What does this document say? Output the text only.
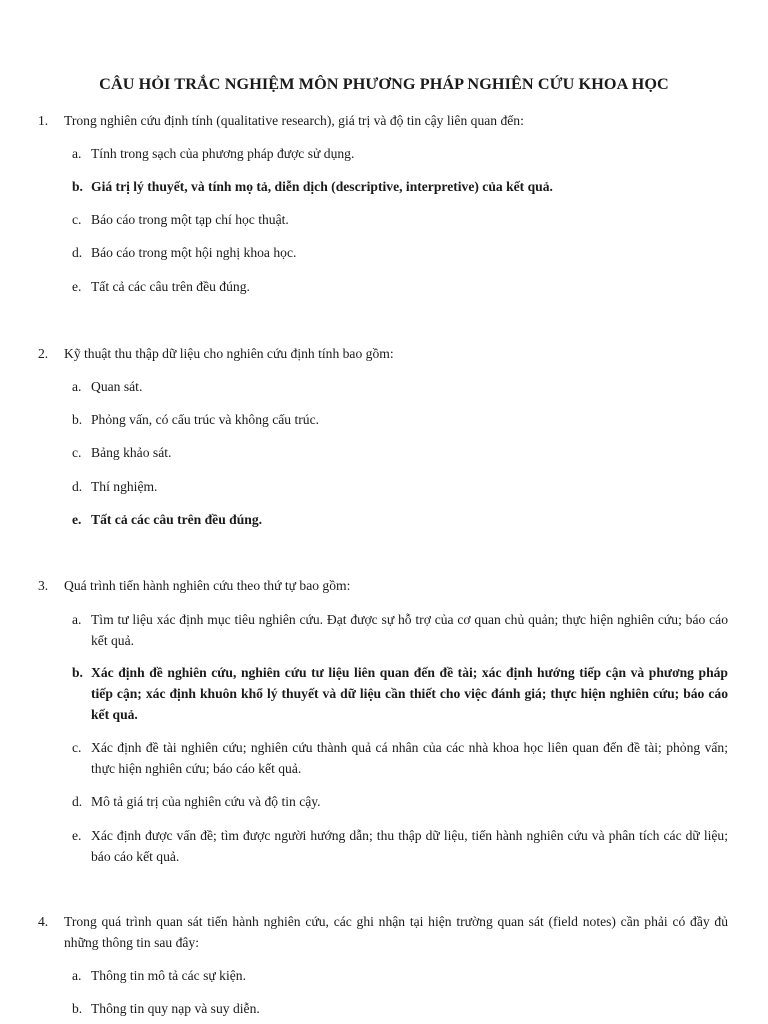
CÂU HỎI TRẮC NGHIỆM MÔN PHƯƠNG PHÁP NGHIÊN CỨU KHOA HỌC
1.	Trong nghiên cứu định tính (qualitative research), giá trị và độ tin cậy liên quan đến:
a. Tính trong sạch của phương pháp được sử dụng.
b. Giá trị lý thuyết, và tính mọ tả, diễn dịch (descriptive, interpretive) của kết quả.
c. Báo cáo trong một tạp chí học thuật.
d. Báo cáo trong một hội nghị khoa học.
e. Tất cả các câu trên đều đúng.
2.	Kỹ thuật thu thập dữ liệu cho nghiên cứu định tính bao gồm:
a. Quan sát.
b. Phỏng vấn, có cấu trúc và không cấu trúc.
c. Bảng khảo sát.
d. Thí nghiệm.
e. Tất cả các câu trên đều đúng.
3.	Quá trình tiến hành nghiên cứu theo thứ tự bao gồm:
a. Tìm tư liệu xác định mục tiêu nghiên cứu. Đạt được sự hỗ trợ của cơ quan chủ quản; thực hiện nghiên cứu; báo cáo kết quả.
b. Xác định đề nghiên cứu, nghiên cứu tư liệu liên quan đến đề tài; xác định hướng tiếp cận và phương pháp tiếp cận; xác định khuôn khổ lý thuyết và dữ liệu cần thiết cho việc đánh giá; thực hiện nghiên cứu; báo cáo kết quả.
c. Xác định đề tài nghiên cứu; nghiên cứu thành quả cá nhân của các nhà khoa học liên quan đến đề tài; phỏng vấn; thực hiện nghiên cứu; báo cáo kết quả.
d. Mô tả giá trị của nghiên cứu và độ tin cậy.
e. Xác định được vấn đề; tìm được người hướng dẫn; thu thập dữ liệu, tiến hành nghiên cứu và phân tích các dữ liệu; báo cáo kết quả.
4.	Trong quá trình quan sát tiến hành nghiên cứu, các ghi nhận tại hiện trường quan sát (field notes) cần phải có đầy đủ những thông tin sau đây:
a. Thông tin mô tả các sự kiện.
b. Thông tin quy nạp và suy diễn.
